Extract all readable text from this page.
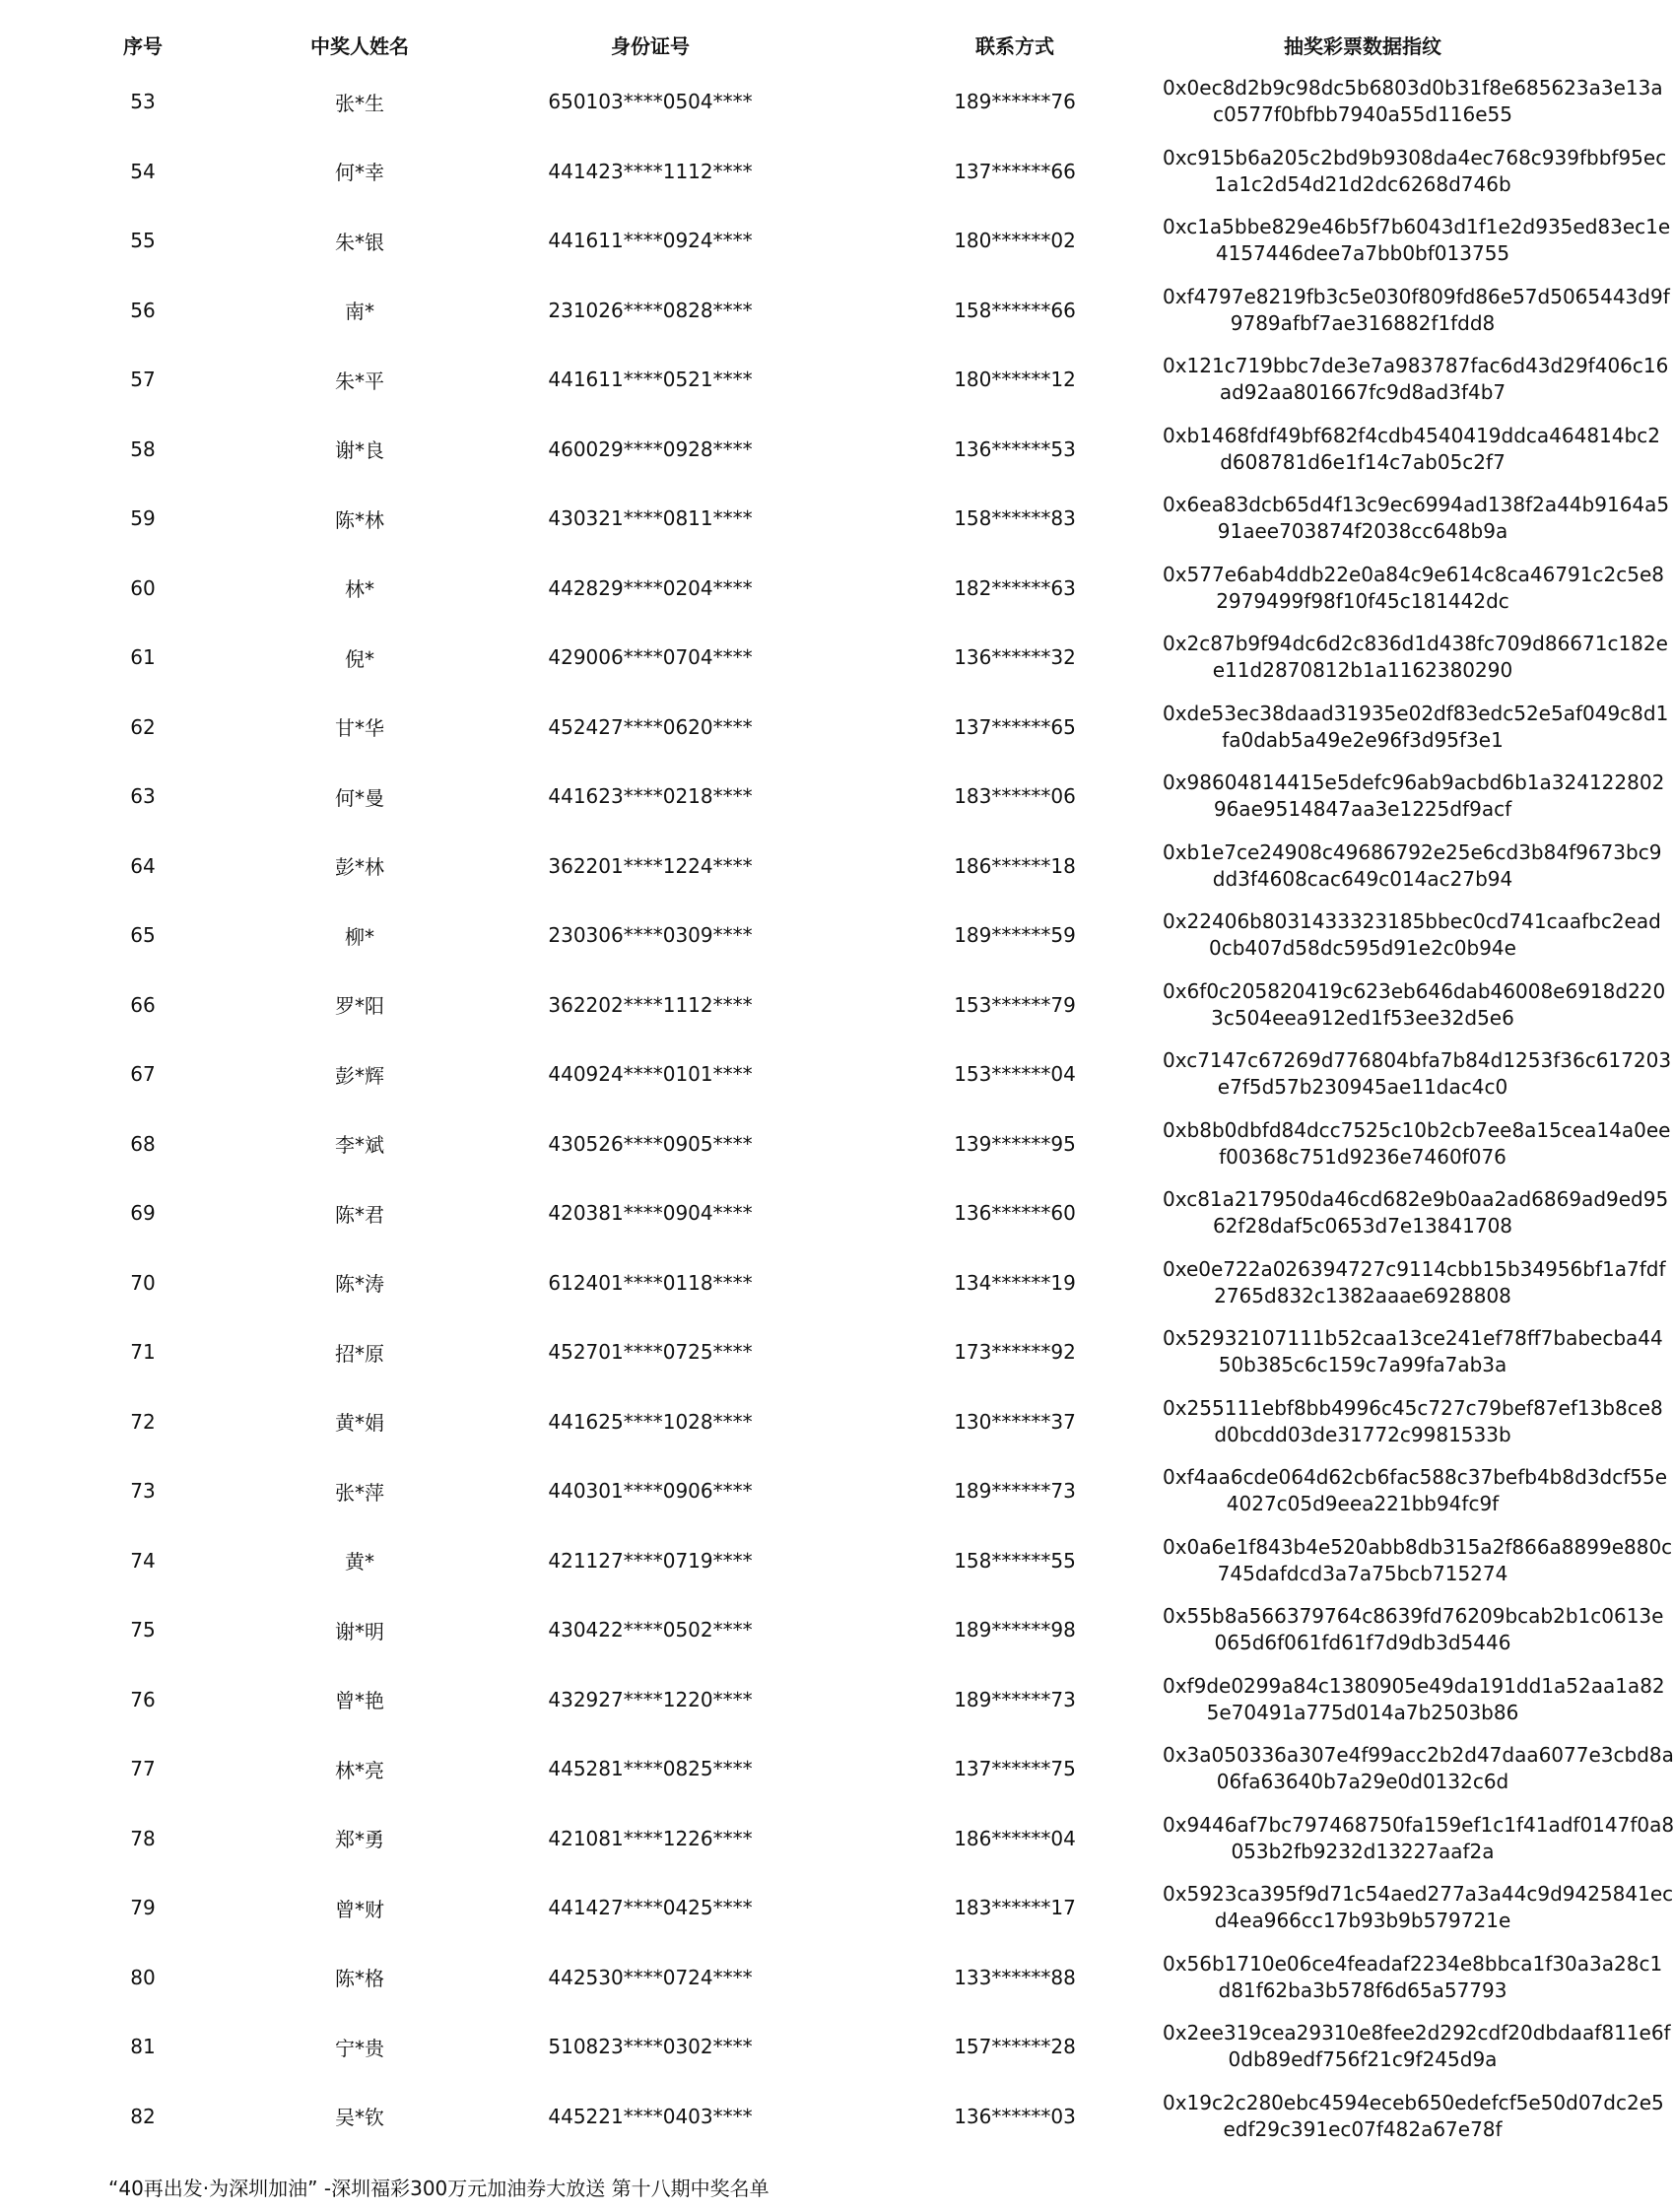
序号	中奖人姓名	身份证号	联系方式	抽奖彩票数据指纹
53	张*生	650103****0504****	189******76	0x0ec8d2b9c98dc5b6803d0b31f8e685623a3e13a
c0577f0bfbb7940a55d116e55

54	何*幸	441423****1112****	137******66	0xc915b6a205c2bd9b9308da4ec768c939fbbf95ec
1a1c2d54d21d2dc6268d746b

55	朱*银	441611****0924****	180******02	0xc1a5bbe829e46b5f7b6043d1f1e2d935ed83ec1e
4157446dee7a7bb0bf013755

56	南*	231026****0828****	158******66	0xf4797e8219fb3c5e030f809fd86e57d5065443d9f
9789afbf7ae316882f1fdd8

57	朱*平	441611****0521****	180******12	0x121c719bbc7de3e7a983787fac6d43d29f406c16
ad92aa801667fc9d8ad3f4b7

58	谢*良	460029****0928****	136******53	0xb1468fdf49bf682f4cdb4540419ddca464814bc2
d608781d6e1f14c7ab05c2f7

59	陈*林	430321****0811****	158******83	0x6ea83dcb65d4f13c9ec6994ad138f2a44b9164a5
91aee703874f2038cc648b9a

60	林*	442829****0204****	182******63	0x577e6ab4ddb22e0a84c9e614c8ca46791c2c5e8
2979499f98f10f45c181442dc

61	倪*	429006****0704****	136******32	0x2c87b9f94dc6d2c836d1d438fc709d86671c182e
e11d2870812b1a1162380290

62	甘*华	452427****0620****	137******65	0xde53ec38daad31935e02df83edc52e5af049c8d1
fa0dab5a49e2e96f3d95f3e1

63	何*曼	441623****0218****	183******06	0x98604814415e5defc96ab9acbd6b1a324122802
96ae9514847aa3e1225df9acf

64	彭*林	362201****1224****	186******18	0xb1e7ce24908c49686792e25e6cd3b84f9673bc9
dd3f4608cac649c014ac27b94

65	柳*	230306****0309****	189******59	0x22406b8031433323185bbec0cd741caafbc2ead
0cb407d58dc595d91e2c0b94e

66	罗*阳	362202****1112****	153******79	0x6f0c205820419c623eb646dab46008e6918d220
3c504eea912ed1f53ee32d5e6

67	彭*辉	440924****0101****	153******04	0xc7147c67269d776804bfa7b84d1253f36c617203
e7f5d57b230945ae11dac4c0

68	李*斌	430526****0905****	139******95	0xb8b0dbfd84dcc7525c10b2cb7ee8a15cea14a0ee
f00368c751d9236e7460f076

69	陈*君	420381****0904****	136******60	0xc81a217950da46cd682e9b0aa2ad6869ad9ed95
62f28daf5c0653d7e13841708

70	陈*涛	612401****0118****	134******19	0xe0e722a026394727c9114cbb15b34956bf1a7fdf
2765d832c1382aaae6928808

71	招*原	452701****0725****	173******92	0x52932107111b52caa13ce241ef78ff7babecba44
50b385c6c159c7a99fa7ab3a

72	黄*娟	441625****1028****	130******37	0x255111ebf8bb4996c45c727c79bef87ef13b8ce8
d0bcdd03de31772c9981533b

73	张*萍	440301****0906****	189******73	0xf4aa6cde064d62cb6fac588c37befb4b8d3dcf55e
4027c05d9eea221bb94fc9f

74	黄*	421127****0719****	158******55	0x0a6e1f843b4e520abb8db315a2f866a8899e880c
745dafdcd3a7a75bcb715274

75	谢*明	430422****0502****	189******98	0x55b8a566379764c8639fd76209bcab2b1c0613e
065d6f061fd61f7d9db3d5446

76	曾*艳	432927****1220****	189******73	0xf9de0299a84c1380905e49da191dd1a52aa1a82
5e70491a775d014a7b2503b86

77	林*亮	445281****0825****	137******75	0x3a050336a307e4f99acc2b2d47daa6077e3cbd8a
06fa63640b7a29e0d0132c6d

78	郑*勇	421081****1226****	186******04	0x9446af7bc797468750fa159ef1c1f41adf0147f0a8
053b2fb9232d13227aaf2a

79	曾*财	441427****0425****	183******17	0x5923ca395f9d71c54aed277a3a44c9d9425841ec
d4ea966cc17b93b9b579721e

80	陈*格	442530****0724****	133******88	0x56b1710e06ce4feadaf2234e8bbca1f30a3a28c1
d81f62ba3b578f6d65a57793

81	宁*贵	510823****0302****	157******28	0x2ee319cea29310e8fee2d292cdf20dbdaaf811e6f
0db89edf756f21c9f245d9a

82	吴*钦	445221****0403****	136******03	0x19c2c280ebc4594eceb650edefcf5e50d07dc2e5
edf29c391ec07f482a67e78f
“40再出发·为深圳加油” -深圳福彩300万元加油券大放送 第十八期中奖名单
